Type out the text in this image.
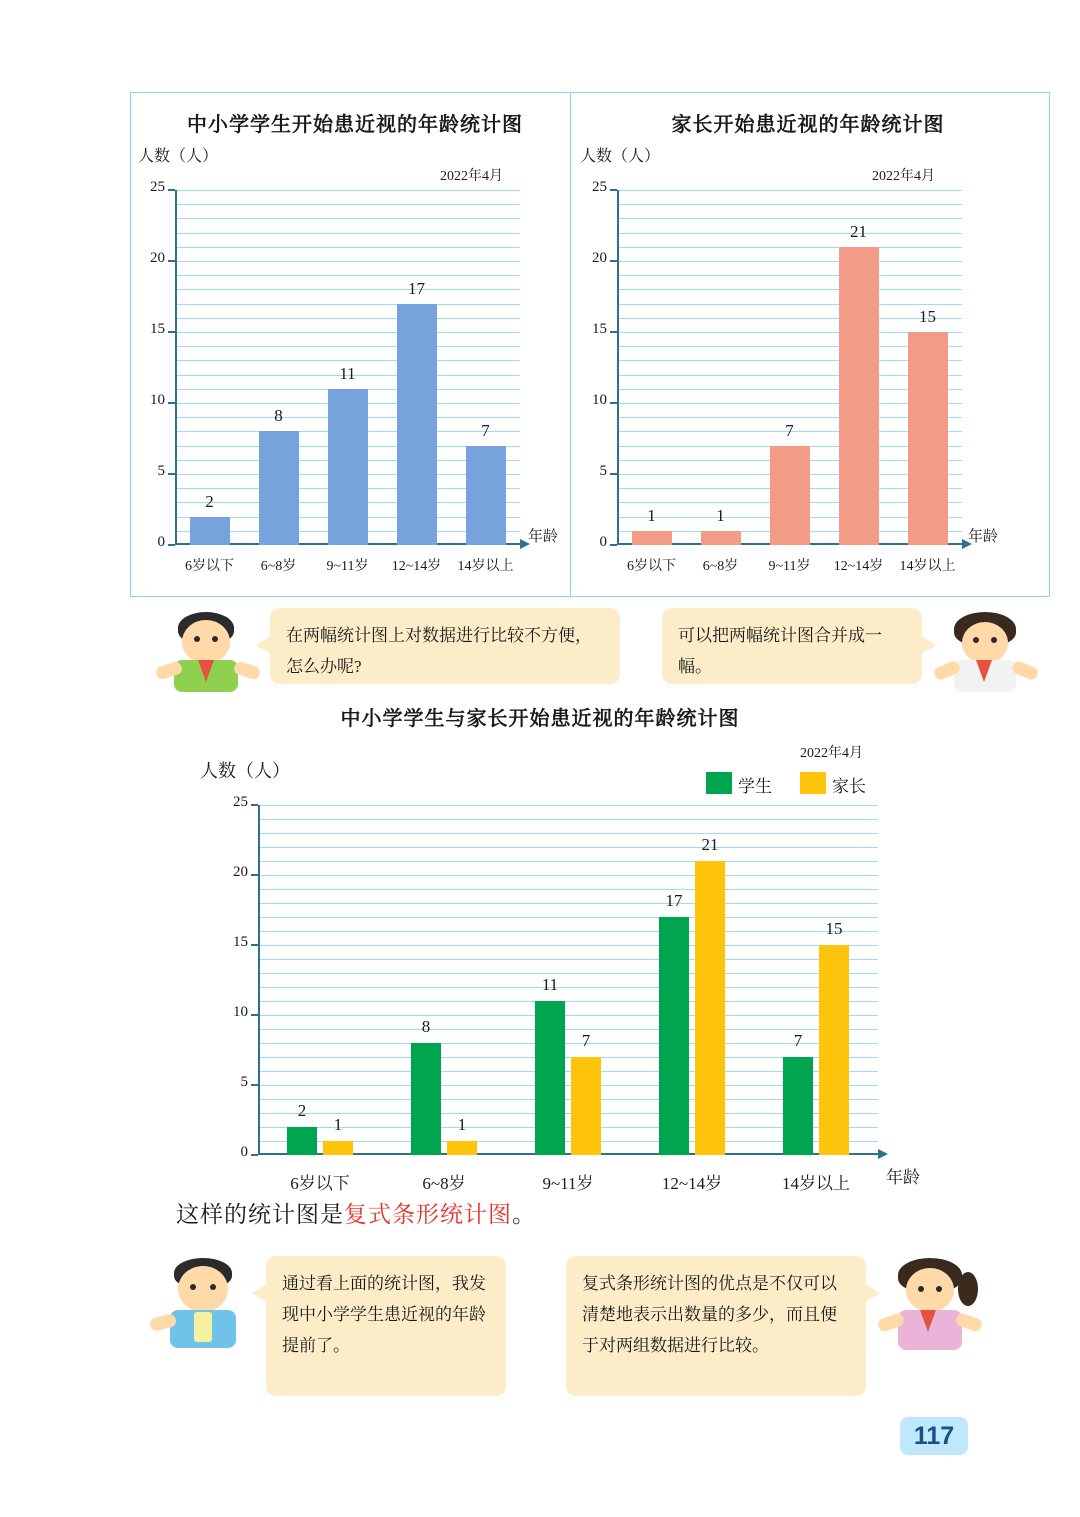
中小学学生开始患近视的年龄统计图
人数（人）
2022年4月
0
5
10
15
20
25
2
8
11
17
7
6岁以下	6~8岁	9~11岁	12~14岁	14岁以上
年龄
家长开始患近视的年龄统计图
人数（人）
2022年4月
0
5
10
15
20
25
1	1
7
21
15
6岁以下	6~8岁	9~11岁	12~14岁	14岁以上
年龄
在两幅统计图上对数据进行比较不方便，怎么办呢?
可以把两幅统计图合并成一幅。
中小学学生与家长开始患近视的年龄统计图
人数（人）
2022年4月
学生	家长
0
5
10
15
20
25
2
8
11
17
7
1	1
7
21
15
6岁以下	6~8岁	9~11岁	12~14岁	14岁以上	年龄
这样的统计图是复式条形统计图。
通过看上面的统计图，我发现中小学学生患近视的年龄提前了。
复式条形统计图的优点是不仅可以清楚地表示出数量的多少，而且便于对两组数据进行比较。
117
